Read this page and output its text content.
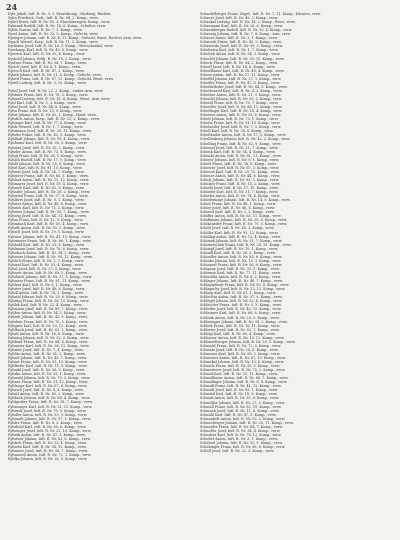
24
Eyle Jakob, Inft. R. Nr. 9. 3. Ersatzkomp., Marburg, Rücken.
Zylin Friedrich, Gefr., Inft. R. Nr. 94, 2. Komp., verw.
Eybel Ernst, Inft. R. Nr. 80, 3. Maschinengew. Komp., verw.
Eybanek Rudolf, Inft. R. Nr. 14, 6. Komp., Schulter, verw.
Eybla Gustav, Inft. R. Nr. 7, 1. Komp., verw.
Eyerl Anton, Inft. R. Nr. 33, 9. Komp., Gefecht, verw.
Eyringer Johann, Inft. R. Nr. 4, 11. Komp., Gefecht, Brust, Rechter Arm, verw.
Eypolt Wenzel, Korp., Inft. R. Nr. 11, 3. Komp., verw.
Eyrmann Josef, Inft. R. Nr. 16, 5. Komp., Oberschenkel, verw.
Eyerkamp Karl, Inft. R. Nr. 49, 8. Komp., verw.
Eystrich Karl, Inft. R. Nr. 35, 4. Komp., verw.
Eyshold Johann, Feldj. B. Nr. 18, 2. Komp., verw.
Eystner Franz, Inft. R. Nr. 54, 7. Komp., verw.
Eyrich Josef, Inft. R. Nr. 8, 1. Komp., verw.
Eyresch Karl, Inft. R. Nr. 47, 3. Komp., verw.
Eybek Johann, Inft. R. Nr. 21, 6. Komp., Gefecht, verw.
Eybelt Franz, Inft. R. Nr. 87, 12. Komp., Gefecht, Brust, verw.
Eyttel Ludwig, Inft. R. Nr. 3, 10. Komp., verw.
Eyhel Josef, Inft. R. Nr. 22, 2. Komp., Linker Arm, verw.
Eyhbner Franz, Inft. R. Nr. 76, 5. Komp., verw.
Eyhmel Ludwig, Inft. R. Nr. 18, 4. Komp., Brust, Arm, verw.
Eyhl Karl, Inft. R. Nr. 5, 3. Komp., verw.
Eyhal Josef, Inft. R. Nr. 44, 8. Komp., verw.
Eyhn Franz, Inft. R. Nr. 15, 9. Komp., verw.
Eyhrt Johann, Inft. R. Nr. 62, 1. Komp., Hand, verw.
Eyhrlich Anton, Korp., Inft. R. Nr. 31, 2. Komp., verw.
Eyhinger Karl, Inft. R. Nr. 77, 6. Komp., verw.
Eyhle Wenzel, Inft. R. Nr. 1, 7. Komp., verw.
Eyhrmann Josef, Inft. R. Nr. 20, 11. Komp., verw.
Eyhsler Franz, Inft. R. Nr. 42, 5. Komp., verw.
Eyhlhaft Johann, Inft. R. Nr. 59, 4. Komp., verw.
Eyhbauer Karl, Inft. R. Nr. 28, 3. Komp., verw.
Eyhmet Josef, Inft. R. Nr. 10, 2. Komp., verw.
Eyhrler Anton, Inft. R. Nr. 73, 8. Komp., verw.
Eyhgl Franz, Inft. R. Nr. 36, 1. Komp., verw.
Eyhich Rudolf, Inft. R. Nr. 17, 9. Komp., verw.
Eyhbl Johann, Inft. R. Nr. 55, 6. Komp., verw.
Eyhrl Karl, Inft. R. Nr. 91, 10. Komp., verw.
Eyhwal Josef, Inft. R. Nr. 24, 7. Komp., verw.
Eyhterer Franz, Inft. R. Nr. 68, 3. Komp., verw.
Eyhlauf Anton, Inft. R. Nr. 13, 12. Komp., verw.
Eyhmayer Josef, Inft. R. Nr. 39, 4. Komp., verw.
Eyhrner Karl, Inft. R. Nr. 82, 5. Komp., verw.
Eyhnder Johann, Inft. R. Nr. 26, 2. Komp., verw.
Eyhwind Franz, Inft. R. Nr. 57, 8. Komp., verw.
Eyhlbert Josef, Inft. R. Nr. 9, 1. Komp., verw.
Eyhster Anton, Inft. R. Nr. 46, 6. Komp., verw.
Eyhrich Karl, Inft. R. Nr. 71, 3. Komp., verw.
Eyhrens Johann, Inft. R. Nr. 30, 7. Komp., verw.
Eyhwig Josef, Inft. R. Nr. 64, 11. Komp., verw.
Eyhm Franz, Inft. R. Nr. 12, 9. Komp., verw.
Eyhmbach Karl, Inft. R. Nr. 50, 4. Komp., verw.
Eyhrdt Anton, Inft. R. Nr. 85, 2. Komp., verw.
Eyhsch Josef, Inft. R. Nr. 19, 5. Komp., verw.
Eyhmer Johann, Inft. R. Nr. 41, 10. Komp., verw.
Eyhrmeier Franz, Inft. R. Nr. 66, 1. Komp., verw.
Eyhbold Karl, Inft. R. Nr. 23, 8. Komp., verw.
Eyhlmann Josef, Inft. R. Nr. 78, 6. Komp., verw.
Eyhnbach Anton, Inft. R. Nr. 34, 3. Komp., verw.
Eyhwurz Johann, Inft. R. Nr. 99, 12. Komp., verw.
Eyhlich Franz, Inft. R. Nr. 2, 7. Komp., verw.
Eyhmel Karl, Inft. R. Nr. 53, 4. Komp., verw.
Eyhsl Josef, Inft. R. Nr. 27, 9. Komp., verw.
Eyhnert Anton, Inft. R. Nr. 60, 2. Komp., verw.
Eyhrbach Johann, Inft. R. Nr. 37, 5. Komp., verw.
Eyhwarz Franz, Inft. R. Nr. 81, 11. Komp., verw.
Eyhlner Karl, Inft. R. Nr. 6, 1. Komp., verw.
Eyhrter Josef, Inft. R. Nr. 48, 8. Komp., verw.
Eyhdl Anton, Inft. R. Nr. 74, 3. Komp., verw.
Eyhstel Johann, Inft. R. Nr. 25, 6. Komp., verw.
Eyhring Franz, Inft. R. Nr. 58, 10. Komp., verw.
Eyhlek Karl, Inft. R. Nr. 32, 4. Komp., verw.
Eyhmann Josef, Inft. R. Nr. 89, 7. Komp., verw.
Eyhber Anton, Inft. R. Nr. 14, 2. Komp., verw.
Eyhrek Johann, Inft. R. Nr. 43, 9. Komp., verw.
Eyhrlein Franz, Inft. R. Nr. 70, 5. Komp., verw.
Eyhgner Karl, Inft. R. Nr. 29, 12. Komp., verw.
Eyhlbach Josef, Inft. R. Nr. 63, 1. Komp., verw.
Eyhrtl Anton, Inft. R. Nr. 16, 8. Komp., verw.
Eyhsing Johann, Inft. R. Nr. 52, 3. Komp., verw.
Eyhbner Franz, Inft. R. Nr. 84, 6. Komp., verw.
Eyhmeier Karl, Inft. R. Nr. 38, 11. Komp., verw.
Eyhrner Josef, Inft. R. Nr. 7, 4. Komp., verw.
Eyhlitz Anton, Inft. R. Nr. 61, 2. Komp., verw.
Eyhsel Johann, Inft. R. Nr. 45, 7. Komp., verw.
Eyhrat Franz, Inft. R. Nr. 93, 10. Komp., verw.
Eyhlhofer Karl, Inft. R. Nr. 11, 5. Komp., verw.
Eyhmbl Josef, Inft. R. Nr. 56, 9. Komp., verw.
Eyhrka Anton, Inft. R. Nr. 35, 1. Komp., verw.
Eyhwald Johann, Inft. R. Nr. 79, 3. Komp., verw.
Eyhner Franz, Inft. R. Nr. 21, 12. Komp., verw.
Eyhlmayr Karl, Inft. R. Nr. 67, 6. Komp., verw.
Eyhrsch Josef, Inft. R. Nr. 4, 8. Komp., verw.
Eyhstl Anton, Inft. R. Nr. 40, 2. Komp., verw.
Eyhbach Johann, Inft. R. Nr. 86, 4. Komp., verw.
Eyhlgruber Franz, Inft. R. Nr. 18, 7. Komp., verw.
Eyhwanger Karl, Inft. R. Nr. 51, 11. Komp., verw.
Eyhrnek Josef, Inft. R. Nr. 75, 5. Komp., verw.
Eyhdler Anton, Inft. R. Nr. 33, 9. Komp., verw.
Eyhmuth Johann, Inft. R. Nr. 97, 1. Komp., verw.
Eyhler Franz, Inft. R. Nr. 8, 3. Komp., verw.
Eyhrhold Karl, Inft. R. Nr. 65, 6. Komp., verw.
Eyhsinger Josef, Inft. R. Nr. 22, 10. Komp., verw.
Eyhnik Anton, Inft. R. Nr. 47, 2. Komp., verw.
Eyhrtner Johann, Inft. R. Nr. 83, 8. Komp., verw.
Eyhlsch Franz, Inft. R. Nr. 13, 4. Komp., verw.
Eyhwitz Karl, Inft. R. Nr. 54, 12. Komp., verw.
Eyhrauer Josef, Inft. R. Nr. 36, 7. Komp., verw.
Eyhmosch Anton, Inft. R. Nr. 72, 1. Komp., verw.
Eyhlka Johann, Inft. R. Nr. 26, 5. Komp., verw.
Schaufelberger Franz, Zugsf., Inft. R. Nr. 7, 11. Komp., Kärnten, verw.
Schauer Josef, Inft. R. Nr. 49, 3. Komp., verw.
Schaukal Ludwig, Inft. R. Nr. 14, 2. Komp., Brust, verw.
Schaumann Karl, Inft. R. Nr. 28, 6. Komp., verw.
Schaumberger Rudolf, Inft. R. Nr. 59, 4. Komp., verw.
Schaunig Johann, Inft. R. Nr. 7, 8. Komp., Arm, verw.
Schauer Anton, Inft. R. Nr. 3, 1. Komp., verw.
Schaurek Franz, Inft. R. Nr. 45, 9. Komp., verw.
Schawerda Josef, Inft. R. Nr. 99, 5. Komp., verw.
Schebesta Karl, Inft. R. Nr. 1, 7. Komp., verw.
Schebek Anton, Inft. R. Nr. 54, 3. Komp., verw.
Schechtl Johann, Inft. R. Nr. 59, 10. Komp., verw.
Scheck Franz, Inft. R. Nr. 84, 2. Komp., verw.
Schedl Josef, Inft. R. Nr. 14, 6. Komp., verw.
Schedlbauer Karl, Inft. R. Nr. 49, 4. Komp., verw.
Scheer Anton, Inft. R. Nr. 17, 11. Komp., verw.
Scheffel Johann, Inft. R. Nr. 27, 1. Komp., verw.
Scheffer Franz, Inft. R. Nr. 47, 8. Komp., verw.
Scheibelhofer Josef, Inft. R. Nr. 84, 5. Komp., verw.
Scheibenreif Karl, Inft. R. Nr. 4, 3. Komp., verw.
Scheiber Anton, Inft. R. Nr. 21, 9. Komp., verw.
Scheichl Johann, Inft. R. Nr. 59, 2. Komp., verw.
Scheidl Franz, Inft. R. Nr. 76, 7. Komp., verw.
Scheidler Josef, Inft. R. Nr. 88, 12. Komp., verw.
Scheifinger Karl, Inft. R. Nr. 14, 4. Komp., verw.
Scheiner Anton, Inft. R. Nr. 35, 6. Komp., verw.
Scheit Johann, Inft. R. Nr. 73, 1. Komp., verw.
Scheitz Franz, Inft. R. Nr. 91, 10. Komp., verw.
Schelander Josef, Inft. R. Nr. 7, 3. Komp., verw.
Schell Karl, Inft. R. Nr. 28, 8. Komp., verw.
Schellander Anton, Inft. R. Nr. 17, 5. Komp., verw.
Schellenberg Johann, Inft. R. Nr. 42, 2. Komp., verw.
Schelling Franz, Inft. R. Nr. 62, 9. Komp., verw.
Schemel Josef, Inft. R. Nr. 11, 7. Komp., verw.
Schenk Karl, Inft. R. Nr. 54, 4. Komp., verw.
Schenkl Anton, Inft. R. Nr. 81, 11. Komp., verw.
Scherer Johann, Inft. R. Nr. 9, 1. Komp., verw.
Scherl Franz, Inft. R. Nr. 38, 6. Komp., verw.
Scherzer Josef, Inft. R. Nr. 67, 3. Komp., verw.
Scheuch Karl, Inft. R. Nr. 20, 12. Komp., verw.
Scheuer Anton, Inft. R. Nr. 44, 8. Komp., verw.
Schick Johann, Inft. R. Nr. 93, 5. Komp., verw.
Schicker Franz, Inft. R. Nr. 15, 2. Komp., verw.
Schiebl Josef, Inft. R. Nr. 57, 10. Komp., verw.
Schieder Karl, Inft. R. Nr. 31, 7. Komp., verw.
Schiefer Anton, Inft. R. Nr. 74, 4. Komp., verw.
Schiefermayr Johann, Inft. R. Nr. 14, 9. Komp., verw.
Schiel Franz, Inft. R. Nr. 48, 1. Komp., verw.
Schier Josef, Inft. R. Nr. 86, 6. Komp., verw.
Schiessl Karl, Inft. R. Nr. 2, 3. Komp., verw.
Schiffer Anton, Inft. R. Nr. 63, 11. Komp., verw.
Schiffmann Johann, Inft. R. Nr. 25, 8. Komp., verw.
Schikaneder Franz, Inft. R. Nr. 79, 5. Komp., verw.
Schild Josef, Inft. R. Nr. 40, 2. Komp., verw.
Schiller Karl, Inft. R. Nr. 95, 12. Komp., verw.
Schilling Anton, Inft. R. Nr. 12, 4. Komp., verw.
Schimek Johann, Inft. R. Nr. 51, 7. Komp., verw.
Schimetschek Franz, Inft. R. Nr. 28, 10. Komp., verw.
Schimpf Josef, Inft. R. Nr. 70, 1. Komp., verw.
Schindl Karl, Inft. R. Nr. 36, 9. Komp., verw.
Schindler Anton, Inft. R. Nr. 85, 6. Komp., verw.
Schinko Johann, Inft. R. Nr. 19, 3. Komp., verw.
Schinnerl Franz, Inft. R. Nr. 56, 8. Komp., verw.
Schipany Josef, Inft. R. Nr. 33, 5. Komp., verw.
Schirmer Karl, Inft. R. Nr. 77, 11. Komp., verw.
Schischka Anton, Inft. R. Nr. 8, 2. Komp., verw.
Schlager Johann, Inft. R. Nr. 46, 7. Komp., verw.
Schlagintweit Franz, Inft. R. Nr. 90, 4. Komp., verw.
Schlapschy Josef, Inft. R. Nr. 23, 12. Komp., verw.
Schlarp Karl, Inft. R. Nr. 61, 1. Komp., verw.
Schlechta Anton, Inft. R. Nr. 37, 9. Komp., verw.
Schlegel Johann, Inft. R. Nr. 82, 6. Komp., verw.
Schleicher Franz, Inft. R. Nr. 5, 3. Komp., verw.
Schleifer Josef, Inft. R. Nr. 43, 10. Komp., verw.
Schleinzer Karl, Inft. R. Nr. 68, 8. Komp., verw.
Schlenk Anton, Inft. R. Nr. 29, 5. Komp., verw.
Schlesinger Johann, Inft. R. Nr. 94, 2. Komp., verw.
Schlick Franz, Inft. R. Nr. 16, 11. Komp., verw.
Schlierer Josef, Inft. R. Nr. 53, 7. Komp., verw.
Schlögl Karl, Inft. R. Nr. 80, 4. Komp., verw.
Schlosser Anton, Inft. R. Nr. 10, 12. Komp., verw.
Schlüsselberger Johann, Inft. R. Nr. 39, 1. Komp., verw.
Schmalzl Franz, Inft. R. Nr. 72, 9. Komp., verw.
Schmatz Josef, Inft. R. Nr. 24, 6. Komp., verw.
Schmauss Karl, Inft. R. Nr. 58, 3. Komp., verw.
Schmeiser Anton, Inft. R. Nr. 87, 10. Komp., verw.
Schmekal Johann, Inft. R. Nr. 13, 8. Komp., verw.
Schmelz Franz, Inft. R. Nr. 50, 5. Komp., verw.
Schmetterer Josef, Inft. R. Nr. 75, 2. Komp., verw.
Schmid Karl, Inft. R. Nr. 32, 11. Komp., verw.
Schmidbauer Anton, Inft. R. Nr. 66, 7. Komp., verw.
Schmidinger Johann, Inft. R. Nr. 6, 4. Komp., verw.
Schmidl Franz, Inft. R. Nr. 41, 12. Komp., verw.
Schmidt Josef, Inft. R. Nr. 89, 1. Komp., verw.
Schmied Karl, Inft. R. Nr. 18, 9. Komp., verw.
Schmirl Anton, Inft. R. Nr. 55, 6. Komp., verw.
Schmöller Johann, Inft. R. Nr. 27, 3. Komp., verw.
Schmoll Franz, Inft. R. Nr. 83, 10. Komp., verw.
Schmuck Josef, Inft. R. Nr. 11, 8. Komp., verw.
Schnabl Karl, Inft. R. Nr. 47, 5. Komp., verw.
Schnaubelt Anton, Inft. R. Nr. 92, 2. Komp., verw.
Schneeberger Johann, Inft. R. Nr. 20, 11. Komp., verw.
Schneider Franz, Inft. R. Nr. 64, 7. Komp., verw.
Schneller Josef, Inft. R. Nr. 34, 4. Komp., verw.
Schnitzer Karl, Inft. R. Nr. 78, 12. Komp., verw.
Schober Anton, Inft. R. Nr. 3, 1. Komp., verw.
Schöberl Johann, Inft. R. Nr. 52, 9. Komp., verw.
Schöbinger Franz, Inft. R. Nr. 96, 6. Komp., verw.
Schöfl Josef, Inft. R. Nr. 22, 3. Komp., verw.
